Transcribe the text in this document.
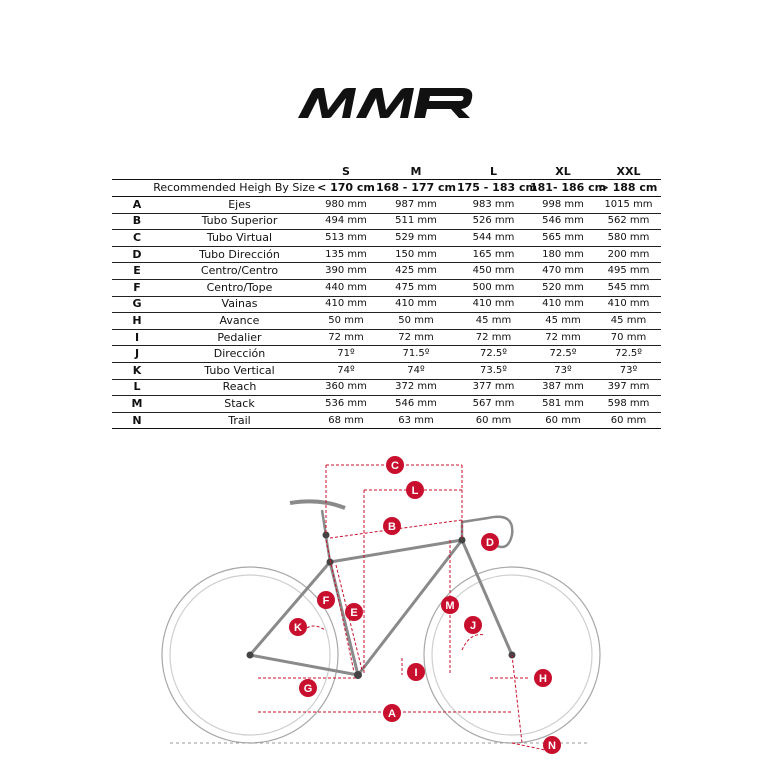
		S	M	L	XL	XXL
Recommended Heigh By Size		< 170 cm	168 - 177 cm	175 - 183 cm	181- 186 cm	> 188 cm
A	Ejes	980 mm	987 mm	983 mm	998 mm	1015 mm
B	Tubo Superior	494 mm	511 mm	526 mm	546 mm	562 mm
C	Tubo Virtual	513 mm	529 mm	544 mm	565 mm	580 mm
D	Tubo Dirección	135 mm	150 mm	165 mm	180 mm	200 mm
E	Centro/Centro	390 mm	425 mm	450 mm	470 mm	495 mm
F	Centro/Tope	440 mm	475 mm	500 mm	520 mm	545 mm
G	Vainas	410 mm	410 mm	410 mm	410 mm	410 mm
H	Avance	50 mm	50 mm	45 mm	45 mm	45 mm
I	Pedalier	72 mm	72 mm	72 mm	72 mm	70 mm
J	Dirección	71º	71.5º	72.5º	72.5º	72.5º
K	Tubo Vertical	74º	74º	73.5º	73º	73º
L	Reach	360 mm	372 mm	377 mm	387 mm	397 mm
M	Stack	536 mm	546 mm	567 mm	581 mm	598 mm
N	Trail	68 mm	63 mm	60 mm	60 mm	60 mm
C
L
B
D
F
E
M
K	J
I	H
G
A
N
